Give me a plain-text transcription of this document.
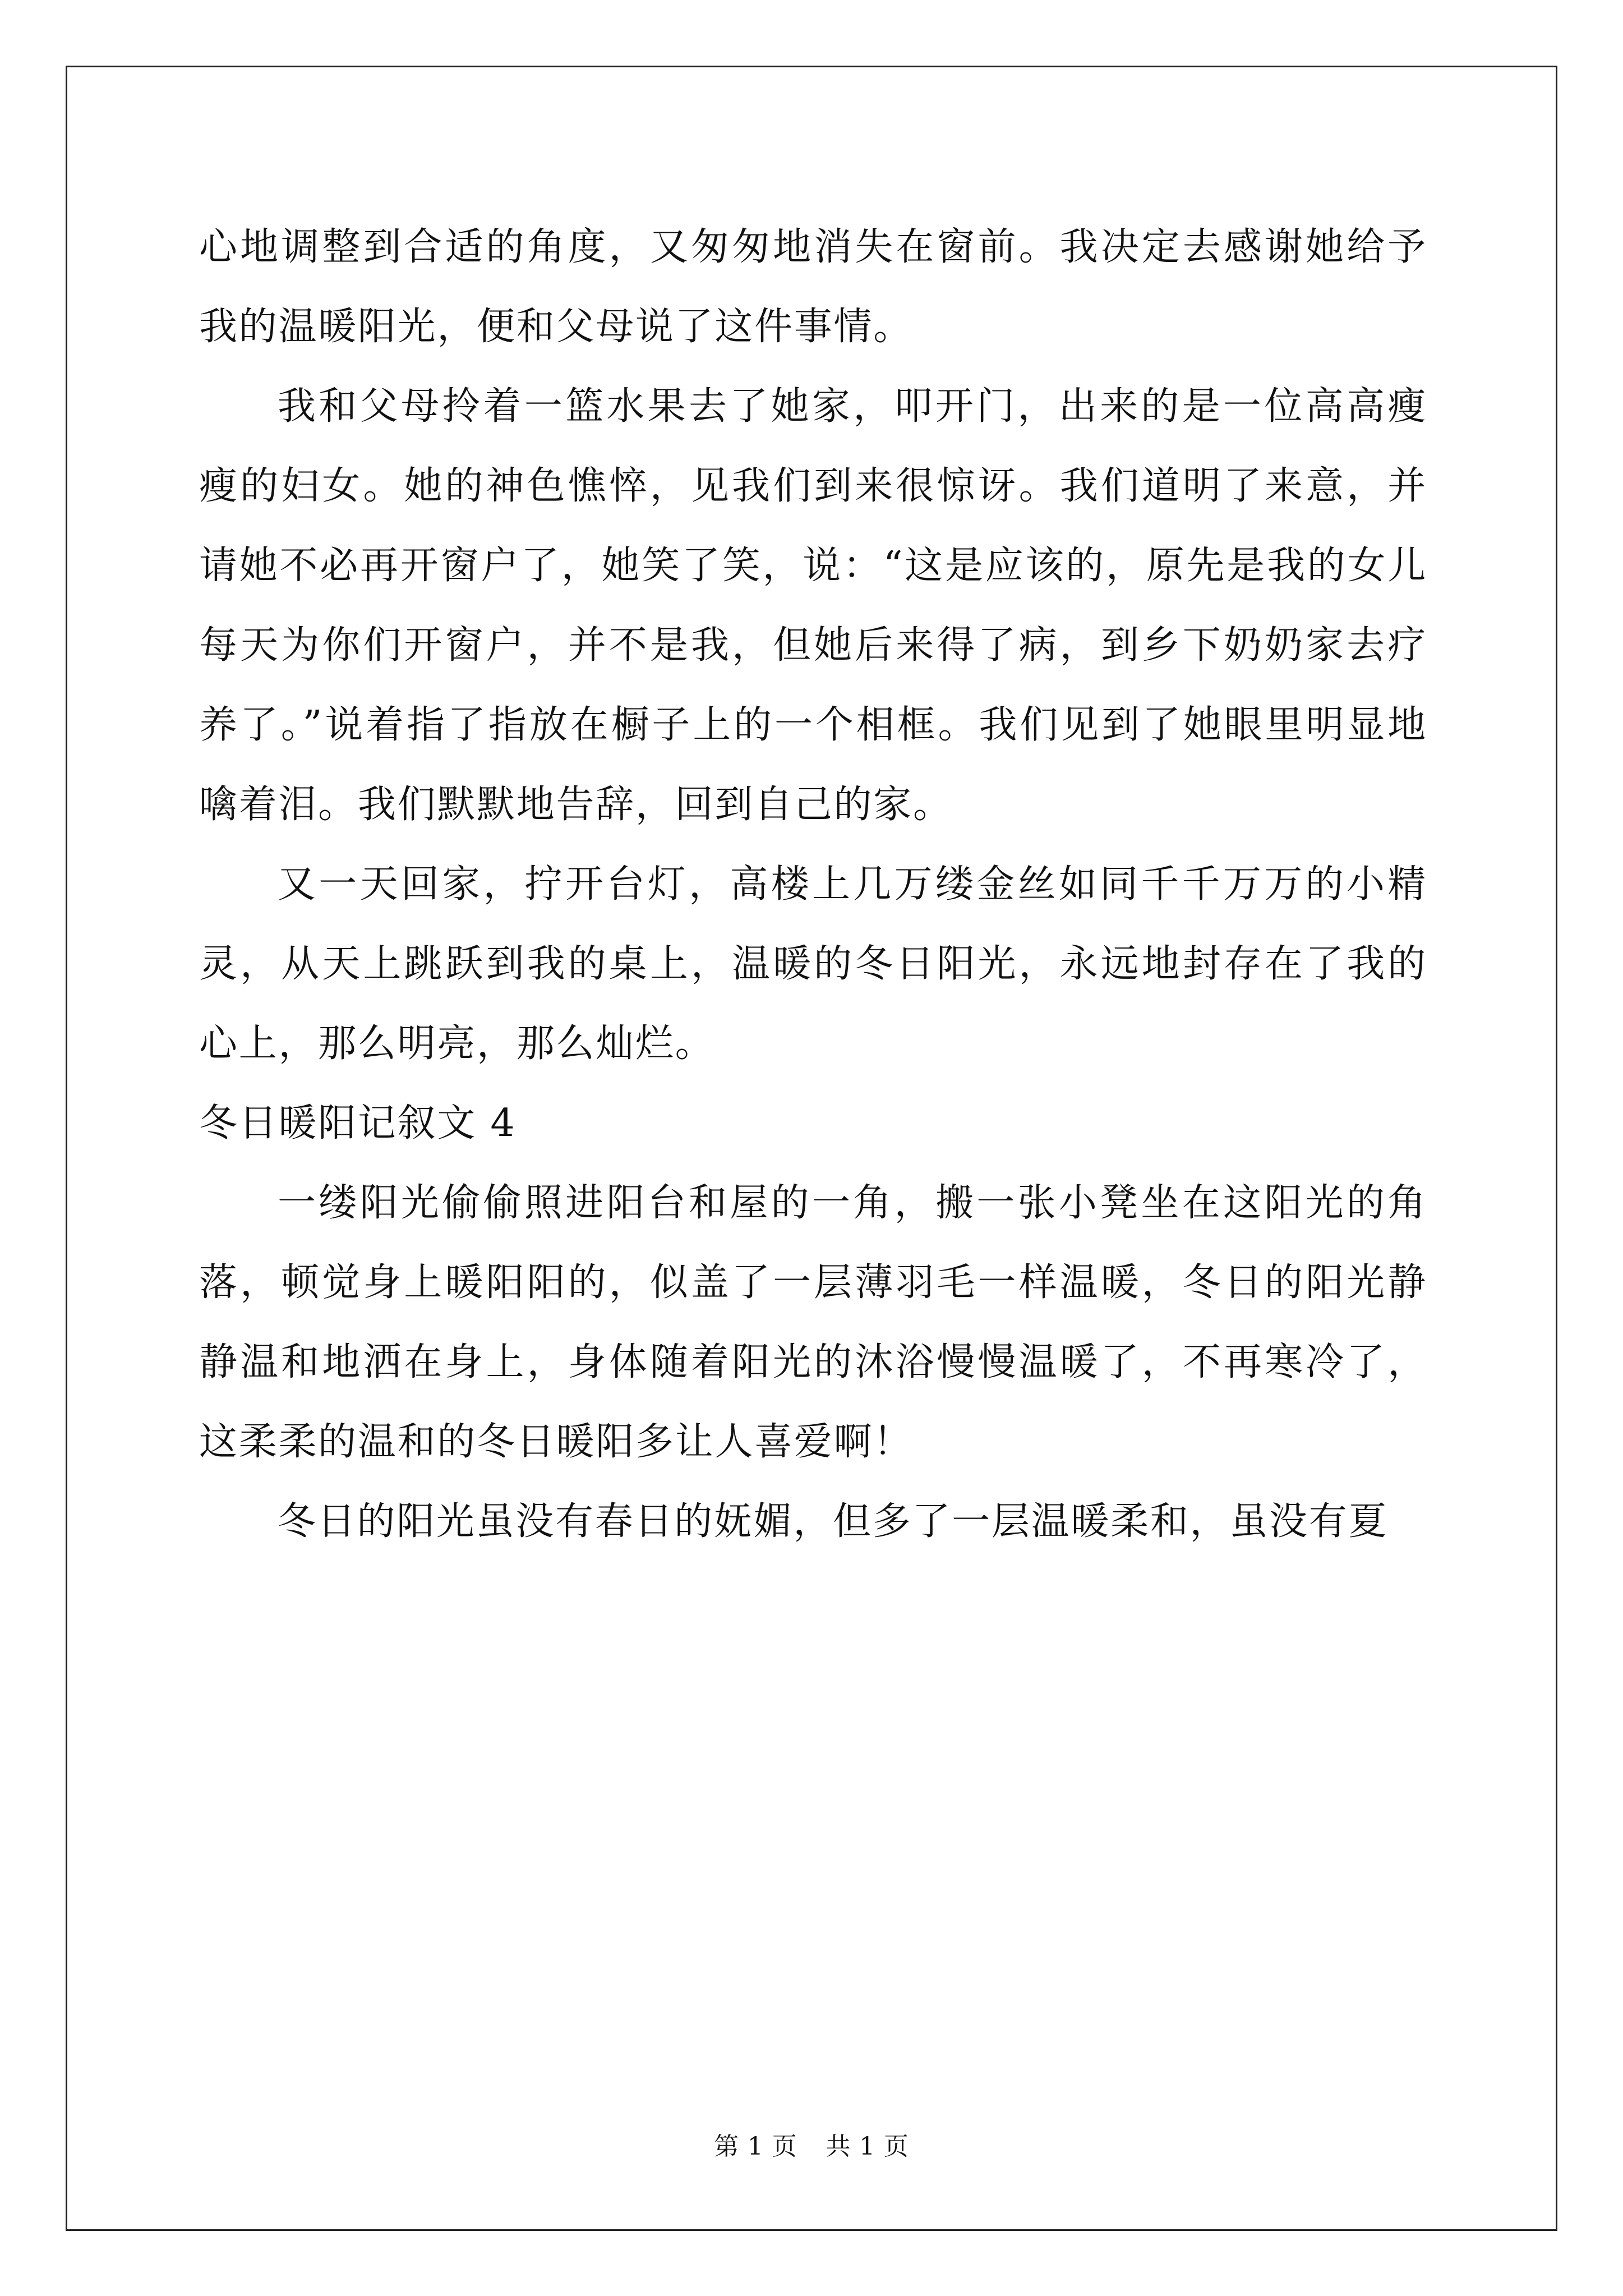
心地调整到合适的角度，又匆匆地消失在窗前。我决定去感谢她给予我的温暖阳光，便和父母说了这件事情。

我和父母拎着一篮水果去了她家，叩开门，出来的是一位高高瘦瘦的妇女。她的神色憔悴，见我们到来很惊讶。我们道明了来意，并请她不必再开窗户了，她笑了笑，说：“这是应该的，原先是我的女儿每天为你们开窗户，并不是我，但她后来得了病，到乡下奶奶家去疗养了。”说着指了指放在橱子上的一个相框。我们见到了她眼里明显地噙着泪。我们默默地告辞，回到自己的家。

又一天回家，拧开台灯，高楼上几万缕金丝如同千千万万的小精灵，从天上跳跃到我的桌上，温暖的冬日阳光，永远地封存在了我的心上，那么明亮，那么灿烂。

冬日暖阳记叙文 4

一缕阳光偷偷照进阳台和屋的一角，搬一张小凳坐在这阳光的角落，顿觉身上暖阳阳的，似盖了一层薄羽毛一样温暖，冬日的阳光静静温和地洒在身上，身体随着阳光的沐浴慢慢温暖了，不再寒冷了，这柔柔的温和的冬日暖阳多让人喜爱啊！

冬日的阳光虽没有春日的妩媚，但多了一层温暖柔和，虽没有夏

第 1 页 共 1 页
